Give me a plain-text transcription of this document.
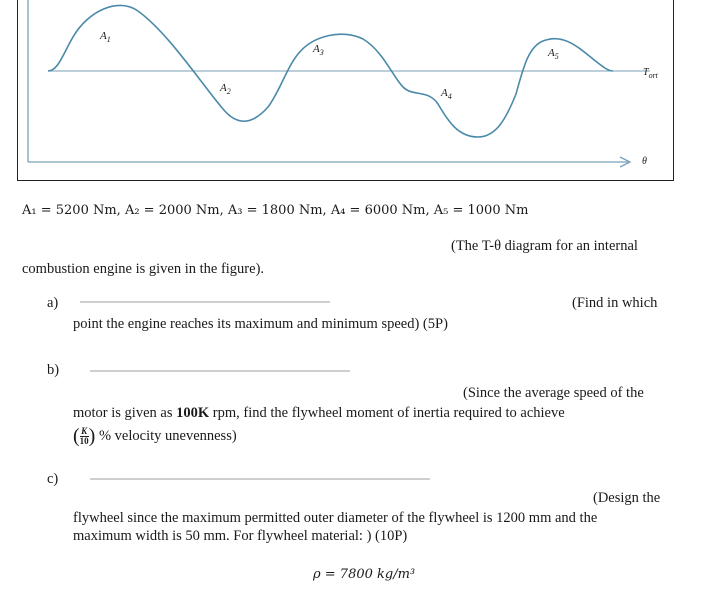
$A_1$
$A_2$
$A_3$
$A_4$
$A_5$
$T_{ort}$
θ
A₁ = 5200 Nm, A₂ = 2000 Nm, A₃ = 1800 Nm, A₄ = 6000 Nm, A₅ = 1000 Nm
(The T-θ diagram for an internal
combustion engine is given in the figure).
a)	(Find in which
point the engine reaches its maximum and minimum speed) (5P)
b)
(Since the average speed of the
motor is given as 100K rpm, find the flywheel moment of inertia required to achieve
( $\frac{K}{10}$) % velocity unevenness)
c)
(Design the
flywheel since the maximum permitted outer diameter of the flywheel is 1200 mm and the
maximum width is 50 mm. For flywheel material: ) (10P)
ρ = 7800 kg/m³
